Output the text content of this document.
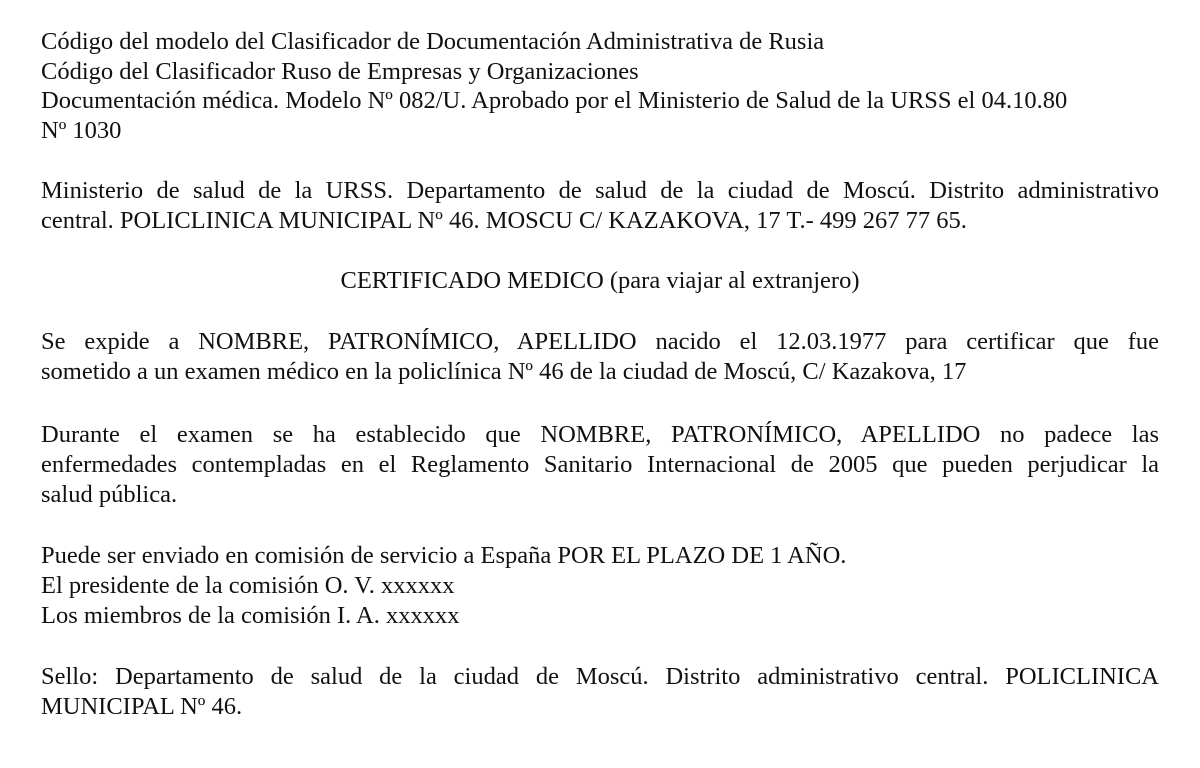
Código del modelo del Clasificador de Documentación Administrativa de Rusia
Código del Clasificador Ruso de Empresas y Organizaciones
Documentación médica. Modelo Nº 082/U. Aprobado por el Ministerio de Salud de la URSS el 04.10.80
Nº 1030
Ministerio de salud de la URSS. Departamento de salud de la ciudad de Moscú. Distrito administrativo
central. POLICLINICA MUNICIPAL Nº 46. MOSCU C/ KAZAKOVA, 17 T.- 499 267 77 65.
CERTIFICADO MEDICO (para viajar al extranjero)
Se expide a NOMBRE, PATRONÍMICO, APELLIDO nacido el 12.03.1977 para certificar que fue
sometido a un examen médico en la policlínica Nº 46 de la ciudad de Moscú, C/ Kazakova, 17
Durante el examen se ha establecido que NOMBRE, PATRONÍMICO, APELLIDO no padece las
enfermedades contempladas en el Reglamento Sanitario Internacional de 2005 que pueden perjudicar la
salud pública.
Puede ser enviado en comisión de servicio a España POR EL PLAZO DE 1 AÑO.
El presidente de la comisión O. V. xxxxxx
Los miembros de la comisión I. A. xxxxxx
Sello: Departamento de salud de la ciudad de Moscú. Distrito administrativo central. POLICLINICA
MUNICIPAL Nº 46.
